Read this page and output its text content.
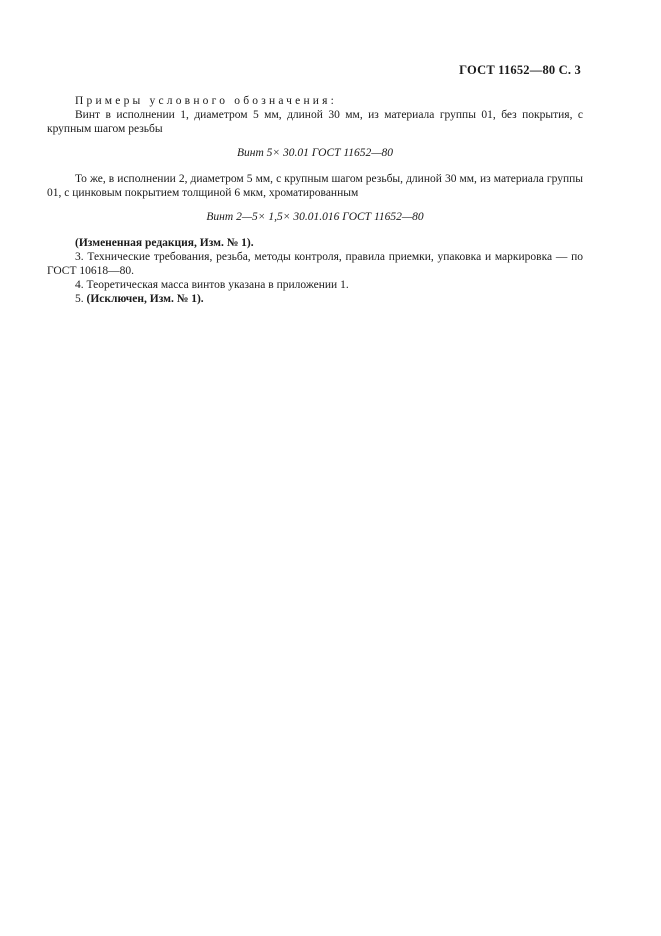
ГОСТ 11652—80 С. 3

Примеры условного обозначения:

Винт в исполнении 1, диаметром 5 мм, длиной 30 мм, из материала группы 01, без покрытия, с крупным шагом резьбы

Винт 5× 30.01 ГОСТ 11652—80

То же, в исполнении 2, диаметром 5 мм, с крупным шагом резьбы, длиной 30 мм, из материала группы 01, с цинковым покрытием толщиной 6 мкм, хроматированным

Винт 2—5× 1,5× 30.01.016 ГОСТ 11652—80

(Измененная редакция, Изм. № 1).

3. Технические требования, резьба, методы контроля, правила приемки, упаковка и маркировка — по ГОСТ 10618—80.

4. Теоретическая масса винтов указана в приложении 1.

5. (Исключен, Изм. № 1).
